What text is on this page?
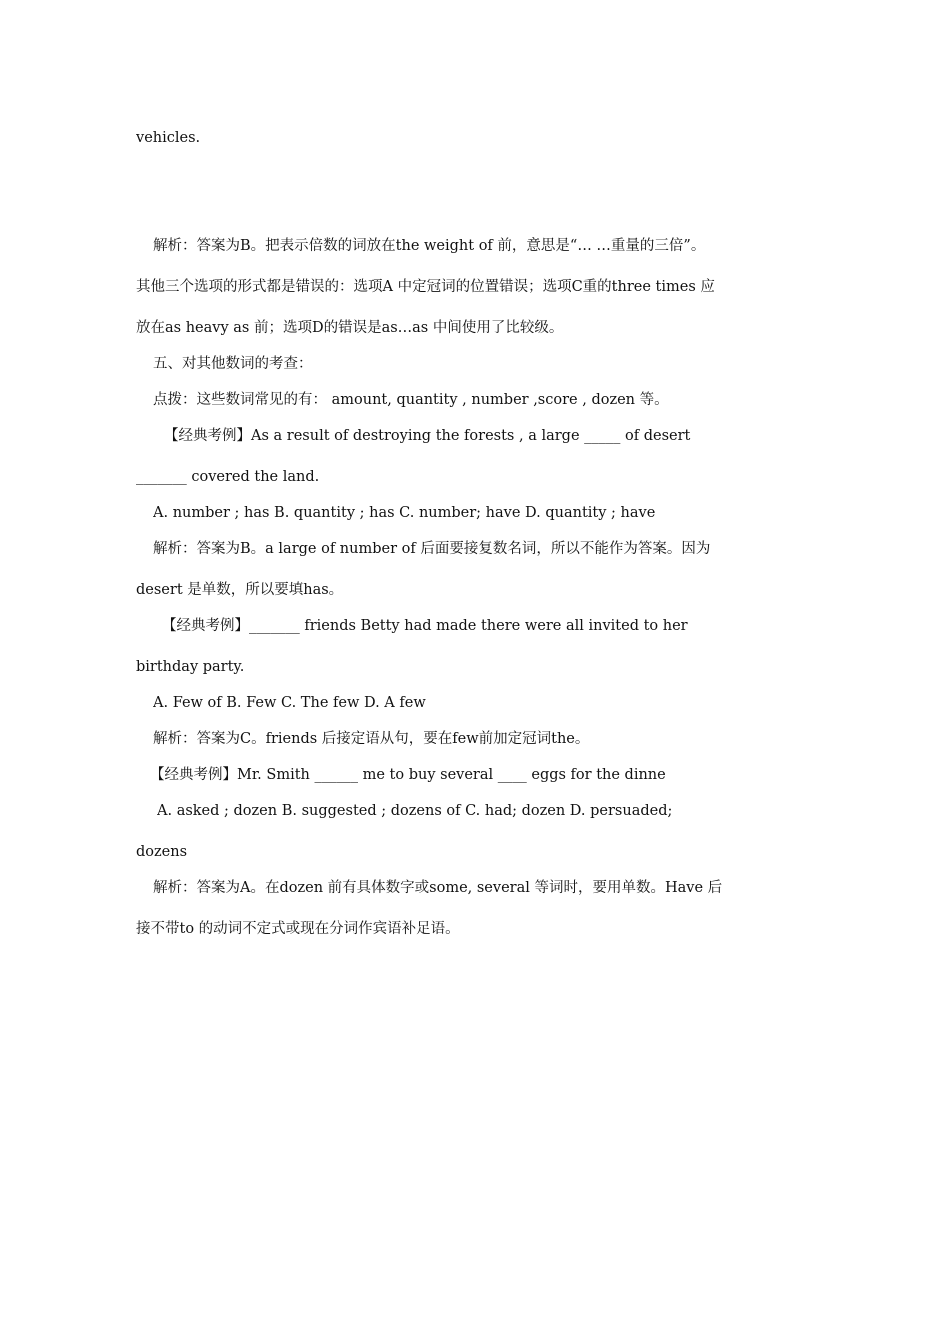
vehicles.
解析：答案为B。把表示倍数的词放在the weight of 前，意思是“… …重量的三倍”。
其他三个选项的形式都是错误的：选项A 中定冠词的位置错误；选项C重的three times 应
放在as heavy as 前；选项D的错误是as…as 中间使用了比较级。
五、对其他数词的考查：
点拨：这些数词常见的有： amount, quantity , number ,score , dozen 等。
【经典考例】As a result of destroying the forests , a large _____ of desert
_______ covered the land.
A. number ; has B. quantity ; has C. number; have D. quantity ; have
解析：答案为B。a large of number of 后面要接复数名词，所以不能作为答案。因为
desert 是单数，所以要填has。
【经典考例】_______ friends Betty had made there were all invited to her
birthday party.
A. Few of B. Few C. The few D. A few
解析：答案为C。friends 后接定语从句，要在few前加定冠词the。
【经典考例】Mr. Smith ______ me to buy several ____ eggs for the dinne
A. asked ; dozen B. suggested ; dozens of C. had; dozen D. persuaded;
dozens
解析：答案为A。在dozen 前有具体数字或some, several 等词时，要用单数。Have 后
接不带to 的动词不定式或现在分词作宾语补足语。
